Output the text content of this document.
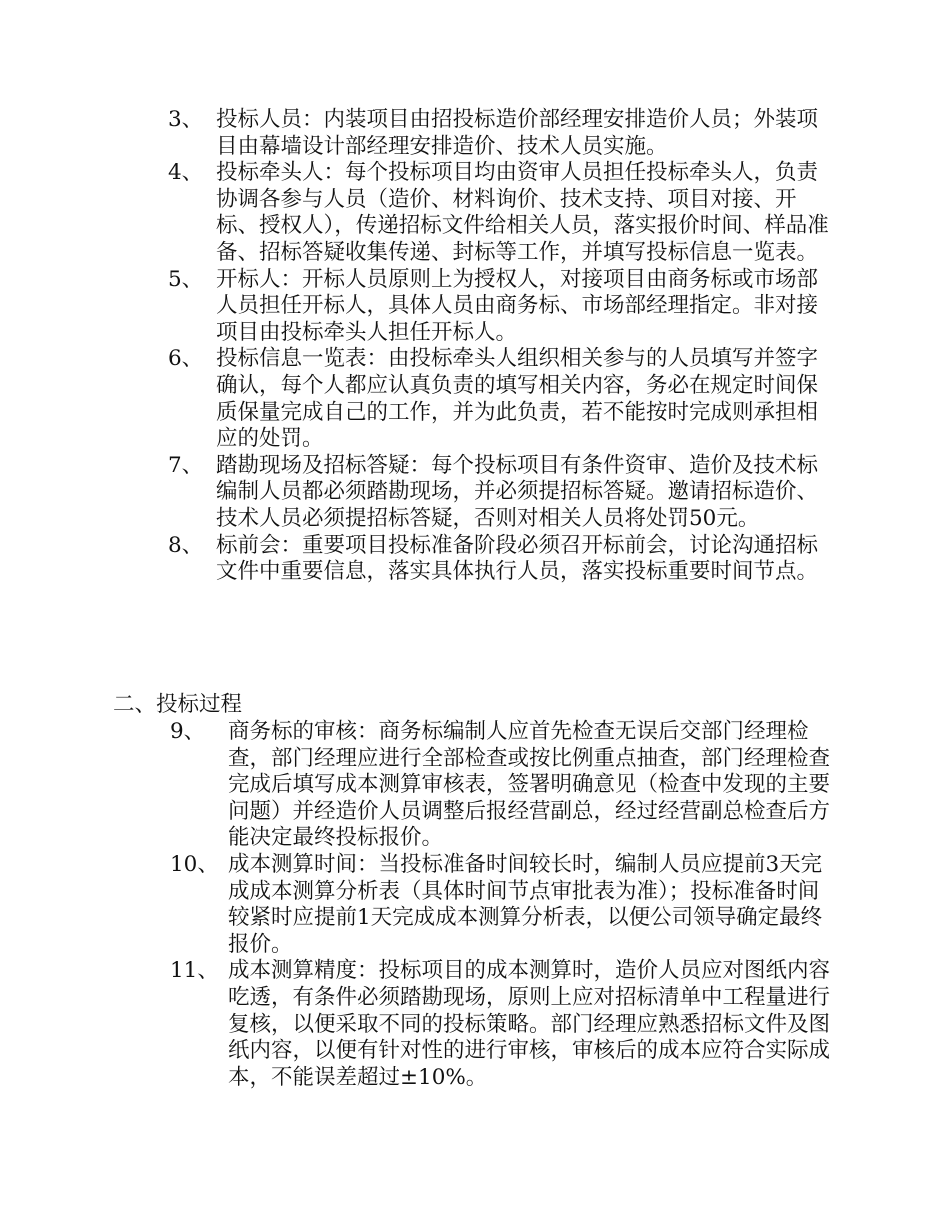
3、 投标人员：内装项目由招投标造价部经理安排造价人员；外装项目由幕墙设计部经理安排造价、技术人员实施。
4、 投标牵头人：每个投标项目均由资审人员担任投标牵头人，负责协调各参与人员（造价、材料询价、技术支持、项目对接、开标、授权人），传递招标文件给相关人员，落实报价时间、样品准备、招标答疑收集传递、封标等工作，并填写投标信息一览表。
5、 开标人：开标人员原则上为授权人，对接项目由商务标或市场部人员担任开标人，具体人员由商务标、市场部经理指定。非对接项目由投标牵头人担任开标人。
6、 投标信息一览表：由投标牵头人组织相关参与的人员填写并签字确认，每个人都应认真负责的填写相关内容，务必在规定时间保质保量完成自己的工作，并为此负责，若不能按时完成则承担相应的处罚。
7、 踏勘现场及招标答疑：每个投标项目有条件资审、造价及技术标编制人员都必须踏勘现场，并必须提招标答疑。邀请招标造价、技术人员必须提招标答疑，否则对相关人员将处罚50元。
8、 标前会：重要项目投标准备阶段必须召开标前会，讨论沟通招标文件中重要信息，落实具体执行人员，落实投标重要时间节点。
二、投标过程
9、 商务标的审核：商务标编制人应首先检查无误后交部门经理检查，部门经理应进行全部检查或按比例重点抽查，部门经理检查完成后填写成本测算审核表，签署明确意见（检查中发现的主要问题）并经造价人员调整后报经营副总，经过经营副总检查后方能决定最终投标报价。
10、 成本测算时间：当投标准备时间较长时，编制人员应提前3天完成成本测算分析表（具体时间节点审批表为准）；投标准备时间较紧时应提前1天完成成本测算分析表，以便公司领导确定最终报价。
11、 成本测算精度：投标项目的成本测算时，造价人员应对图纸内容吃透，有条件必须踏勘现场，原则上应对招标清单中工程量进行复核，以便采取不同的投标策略。部门经理应熟悉招标文件及图纸内容，以便有针对性的进行审核，审核后的成本应符合实际成本，不能误差超过±10%。
